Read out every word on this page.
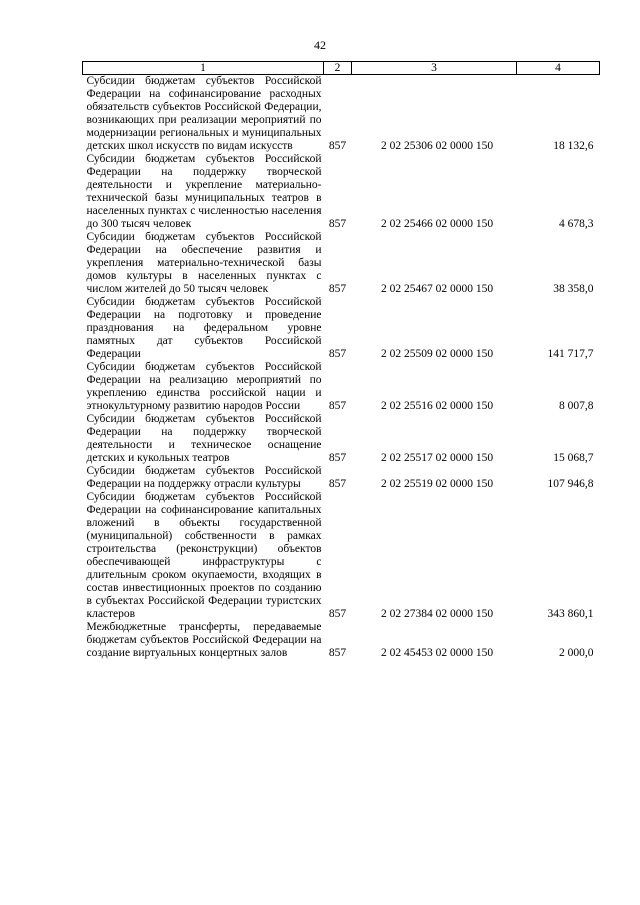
42
1	2	3	4
Субсидии бюджетам субъектов Российской Федерации на софинансирование расходных обязательств субъектов Российской Федерации, возникающих при реализации мероприятий по модернизации региональных и муниципальных детских школ искусств по видам искусств	857	2 02 25306 02 0000 150	18 132,6
Субсидии бюджетам субъектов Российской Федерации на поддержку творческой деятельности и укрепление материально-технической базы муниципальных театров в населенных пунктах с численностью населения до 300 тысяч человек	857	2 02 25466 02 0000 150	4 678,3
Субсидии бюджетам субъектов Российской Федерации на обеспечение развития и укрепления материально-технической базы домов культуры в населенных пунктах с числом жителей до 50 тысяч человек	857	2 02 25467 02 0000 150	38 358,0
Субсидии бюджетам субъектов Российской Федерации на подготовку и проведение празднования на федеральном уровне памятных дат субъектов Российской Федерации	857	2 02 25509 02 0000 150	141 717,7
Субсидии бюджетам субъектов Российской Федерации на реализацию мероприятий по укреплению единства российской нации и этнокультурному развитию народов России	857	2 02 25516 02 0000 150	8 007,8
Субсидии бюджетам субъектов Российской Федерации на поддержку творческой деятельности и техническое оснащение детских и кукольных театров	857	2 02 25517 02 0000 150	15 068,7
Субсидии бюджетам субъектов Российской Федерации на поддержку отрасли культуры	857	2 02 25519 02 0000 150	107 946,8
Субсидии бюджетам субъектов Российской Федерации на софинансирование капитальных вложений в объекты государственной (муниципальной) собственности в рамках строительства (реконструкции) объектов обеспечивающей инфраструктуры с длительным сроком окупаемости, входящих в состав инвестиционных проектов по созданию в субъектах Российской Федерации туристских кластеров	857	2 02 27384 02 0000 150	343 860,1
Межбюджетные трансферты, передаваемые бюджетам субъектов Российской Федерации на создание виртуальных концертных залов	857	2 02 45453 02 0000 150	2 000,0
